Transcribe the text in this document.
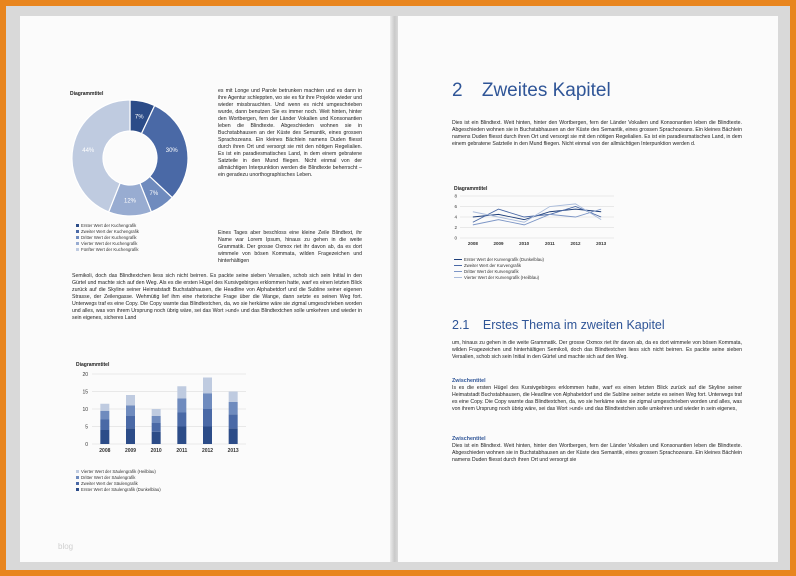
Diagrammtitel
7%
30%
7%
12%
44%
Erster Wert der Kuchengrafik
Zweiter Wert der Kuchengrafik
Dritter Wert der Kuchengrafik
Vierter Wert der Kuchengrafik
Fünfter Wert der Kuchengrafik
es mit Longe und Parole betrunken machten und es dann in ihre Agentur schleppten, wo sie es für ihre Projekte wieder und wieder missbrauchten. Und wenn es nicht umgeschrieben wurde, dann benutzen Sie es immer noch. Weit hinten, hinter den Wortbergen, fern der Länder Vokalien und Konsonantien leben die Blindtexte. Abgeschieden wohnen sie in Buchstabhausen an der Küste des Semantik, eines grossen Sprachozeans. Ein kleines Bächlein namens Duden fliesst durch ihren Ort und versorgt sie mit den nötigen Regelialien. Es ist ein paradiesmatisches Land, in dem einem gebratene Satzteile in den Mund fliegen. Nicht einmal von der allmächtigen Interpunktion werden die Blindtexte beherrscht – ein geradezu unorthographisches Leben.
Eines Tages aber beschloss eine kleine Zeile Blindtext, ihr Name war Lorem Ipsum, hinaus zu gehen in die weite Grammatik. Der grosse Oxmox riet ihr davon ab, da es dort wimmele von bösen Kommata, wilden Fragezeichen und hinterhältigen
Semikoli, doch das Blindtextchen liess sich nicht beirren. Es packte seine sieben Versalien, schob sich sein Initial in den Gürtel und machte sich auf den Weg. Als es die ersten Hügel des Kursivgebirges erklommen hatte, warf es einen letzten Blick zurück auf die Skyline seiner Heimatstadt Buchstabhausen, die Headline von Alphabetdorf und die Subline seiner eigenen Strasse, der Zeilengasse. Wehmütig lief ihm eine rhetorische Frage über die Wange, dann setzte es seinen Weg fort. Unterwegs traf es eine Copy. Die Copy warnte das Blindtextchen, da, wo sie herkäme wäre sie zigmal umgeschrieben worden und alles, was von ihrem Ursprung noch übrig wäre, sei das Wort »und« und das Blindtextchen solle umkehren und wieder in sein eigenes, sicheres Land
Diagrammtitel
0
5
10
15
20
2008	2009	2010	2011	2012	2013
Vierter Wert der Säulengrafik (Heilblau)
Dritter Wert der Säulengrafik
Zweiter Wert der Säulengrafik
Erster Wert der Säulengrafik (Dunkelblau)
blog
2 Zweites Kapitel
Dies ist ein Blindtext. Weit hinten, hinter den Wortbergen, fern der Länder Vokalien und Konsonantien leben die Blindtexte. Abgeschieden wohnen sie in Buchstabhausen an der Küste des Semantik, eines grossen Sprachozeans. Ein kleines Bächlein namens Duden fliesst durch ihren Ort und versorgt sie mit den nötigen Regelialien. Es ist ein paradiesmatisches Land, in dem einem gebratene Satzteile in den Mund fliegen. Nicht einmal von der allmächtigen Interpunktion werden d.
Diagrammtitel
0
2
4
6
8
2008	2009	2010	2011	2012	2013
Erster Wert der Kurvengrafik (Dunkelblau)
Zweiter Wert der Kurvengrafik
Dritter Wert der Kurvengrafik
Vierter Wert der Kurvengrafik (Heilblau)
2.1 Erstes Thema im zweiten Kapitel
um, hinaus zu gehen in die weite Grammatik. Der grosse Oxmox riet ihr davon ab, da es dort wimmele von bösen Kommata, wilden Fragezeichen und hinterhältigen Semikoli, doch das Blindtextchen liess sich nicht beirren. Es packte seine sieben Versalien, schob sich sein Initial in den Gürtel und machte sich auf den Weg.
Zwischentitel
Is es die ersten Hügel des Kursivgebirges erklommen hatte, warf es einen letzten Blick zurück auf die Skyline seiner Heimatstadt Buchstabhausen, die Headline von Alphabetdorf und die Subline seiner setzte es seinen Weg fort. Unterwegs traf es eine Copy. Die Copy warnte das Blindtextchen, da, wo sie herkäme wäre sie zigmal umgeschrieben worden und alles, was von ihrem Ursprung noch übrig wäre, sei das Wort »und« und das Blindtextchen solle umkehren und wieder in sein eigenes,
Zwischentitel
Dies ist ein Blindtext. Weit hinten, hinter den Wortbergen, fern der Länder Vokalien und Konsonantien leben die Blindtexte. Abgeschieden wohnen sie in Buchstabhausen an der Küste des Semantik, eines grossen Sprachozeans. Ein kleines Bächlein namens Duden fliesst durch ihren Ort und versorgt sie
